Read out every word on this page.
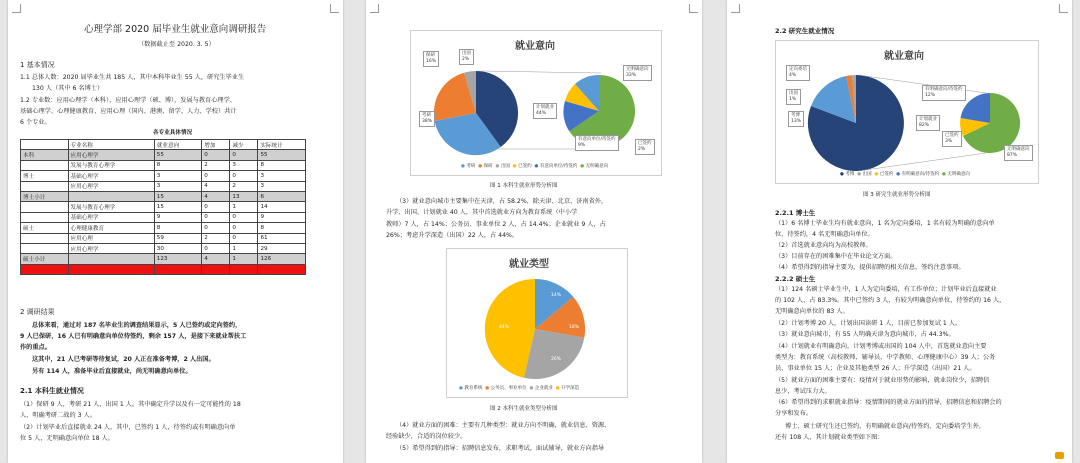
心理学部 2020 届毕业生就业意向调研报告
（数据截止至 2020. 3. 5）
1 基本情况
1.1 总体人数：2020 届毕业生共 185 人，其中本科毕业生 55 人，研究生毕业生
130 人（其中 6 名博士）
1.2 专业数：应用心理学（本科），应用心理学（硕、博），发展与教育心理学、
基础心理学、心理健康教育、应用心理（国内、港澳、留学、人力、学校）共计
6 个专业。
各专业具体情况
	专业名称	就业意向	增加	减少	实际统计
本科	应用心理学	55	0	0	55
	发展与教育心理学	8	2	3	8
博士	基础心理学	3	0	0	3
	应用心理学	3	4	2	3
博士小计		15	4	13	6
	发展与教育心理学	15	0	1	14
	基础心理学	9	0	0	9
硕士	心理健康教育	8	0	0	8
	应用心理	59	2	0	61
	应用心理学	30	0	1	29
硕士小计		123	4	1	126
总计		185			187
2 调研结果
总体来看，通过对 187 名毕业生的调查结果显示，5 人已签约或定向签约，
9 人已保研，16 人已有明确意向单位待签约，剩余 157 人，是接下来就业帮扶工
作的重点。
这其中，21 人已考研等待复试，20 人正在准备考博，2 人出国。
另有 114 人，准备毕业后直接就业，尚无明确意向单位。
2.1 本科生就业情况
（1）保研 9 人，考研 21 人，出国 1 人。其中确定升学以及有一定可能性的 18
人，明确考研二战的 3 人。
（2）计划毕业后直接就业 24 人，其中，已签约 1 人，待签约或有明确意向单
位 5 人，无明确意向单位 18 人。
就业意向
保研
16%
出国
2%
考研
38%
计划就业
44%
无明确意向
33%
有意向单位/待签约
9%	已签约
2%
● 考研 ● 保研 ● 出国 ● 已签约 ● 有意向单位/待签约 ● 无明确意向
图 1 本科生就业形势分析图
（3）就业意向城市主要集中在天津，占 58.2%，除天津、北京、济南省外，
升学、出国、计划就业 40 人，其中首选就业方向为教育系统（中小学
教师）7 人，占 14%；公务员、事业单位 2 人，占 14.4%；企业就业 9 人，占
26%；考虑升学深造（出国）22 人，占 44%。
就业类型
14%
18%
26%
44%
● 教育系统 ● 公务员、事业单位 ● 企业就业 ● 升学深造
图 2 本科生就业类型分析图
（4）就业方面的困难：主要有几种类型：就业方向不明确，就业信息、资源、
经验缺少，合适的岗位较少。
（5）希望得到的指导：招聘信息发布，求职考试，面试辅导，就业方向指导
2.2 研究生就业情况
就业意向
定向委培
4%
出国
1%
考博
13%	计划就业
82%
有明确意向/待签约
12%
已签约
3%
无明确意向
87%
● 考博 ● 出国 ● 已签约 ● 有明确意向/待签约 ● 无明确意向
图 3 研究生就业形势分析图
2.2.1 博士生
（1）6 名博士毕业生均有就业意向，1 名为定向委培，1 名有较为明确的意向单
位、待签约，4 名无明确意向单位。
（2）首选就业意向均为高校教师。
（3）目前存在的困难集中在毕业论文方面。
（4）希望得到的指导主要为，提供招聘的相关信息，签约注意事项。
2.2.2 硕士生
（1）124 名硕士毕业生中，1 人为定向委培，有工作单位；计划毕业后直接就业
的 102 人，占 83.3%。其中已签约 3 人，有较为明确意向单位，待签约的 16 人，
无明确意向单位的 83 人。
（2）计划考博 20 人，计划出国读研 1 人，目前已参加复试 1 人。
（3）就业意向城市，有 55 人明确天津为意向城市，占 44.3%。
（4）计划就业有明确意向，计划考博或出国的 104 人中，首选就业意向主要
类型为：教育系统（高校教师、辅导员、中学教师、心理健康中心）39 人；公务
员、事业单位 15 人；企业及其他类型 26 人；升学深造（出国）21 人。
（5）就业方面的困难主要有：疫情对于就业形势的影响，就业岗位少，招聘信
息少，考试压力大。
（6）希望得到的求职就业指导：疫情期间的就业方面的指导，招聘信息和招聘会的
分享和发布。
博士、硕士研究生还已签约、有明确就业意向/待签约、定向委培学生外，
还有 108 人，其计划就业类型如下图：
